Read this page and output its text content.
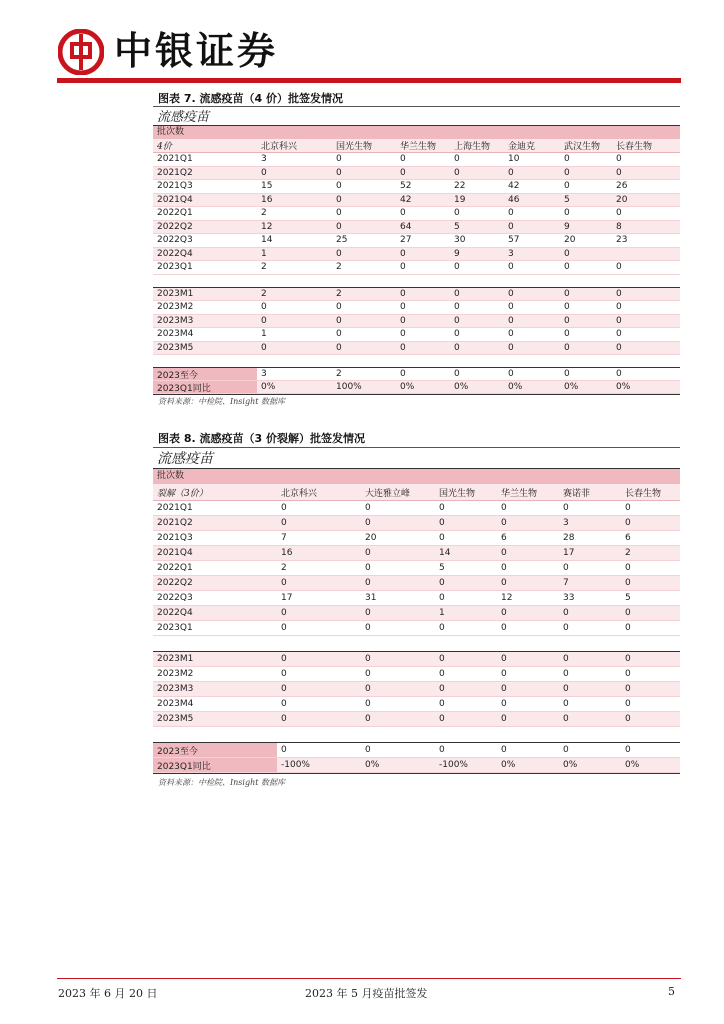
中银证券
图表 7. 流感疫苗（4 价）批签发情况
流感疫苗
批次数
4价	北京科兴	国光生物	华兰生物	上海生物	金迪克	武汉生物	长春生物
2021Q1	3	0	0	0	10	0	0
2021Q2	0	0	0	0	0	0	0
2021Q3	15	0	52	22	42	0	26
2021Q4	16	0	42	19	46	5	20
2022Q1	2	0	0	0	0	0	0
2022Q2	12	0	64	5	0	9	8
2022Q3	14	25	27	30	57	20	23
2022Q4	1	0	0	9	3	0
2023Q1	2	2	0	0	0	0	0
2023M1	2	2	0	0	0	0	0
2023M2	0	0	0	0	0	0	0
2023M3	0	0	0	0	0	0	0
2023M4	1	0	0	0	0	0	0
2023M5	0	0	0	0	0	0	0
2023至今	3	2	0	0	0	0	0
2023Q1同比	0%	100%	0%	0%	0%	0%	0%
资料来源：中检院、Insight 数据库
图表 8. 流感疫苗（3 价裂解）批签发情况
流感疫苗
批次数
裂解（3价）	北京科兴	大连雅立峰	国光生物	华兰生物	赛诺菲	长春生物
2021Q1	0	0	0	0	0	0
2021Q2	0	0	0	0	3	0
2021Q3	7	20	0	6	28	6
2021Q4	16	0	14	0	17	2
2022Q1	2	0	5	0	0	0
2022Q2	0	0	0	0	7	0
2022Q3	17	31	0	12	33	5
2022Q4	0	0	1	0	0	0
2023Q1	0	0	0	0	0	0
2023M1	0	0	0	0	0	0
2023M2	0	0	0	0	0	0
2023M3	0	0	0	0	0	0
2023M4	0	0	0	0	0	0
2023M5	0	0	0	0	0	0
2023至今	0	0	0	0	0	0
2023Q1同比	-100%	0%	-100%	0%	0%	0%
资料来源：中检院、Insight 数据库
2023 年 6 月 20 日	2023 年 5 月疫苗批签发	5
